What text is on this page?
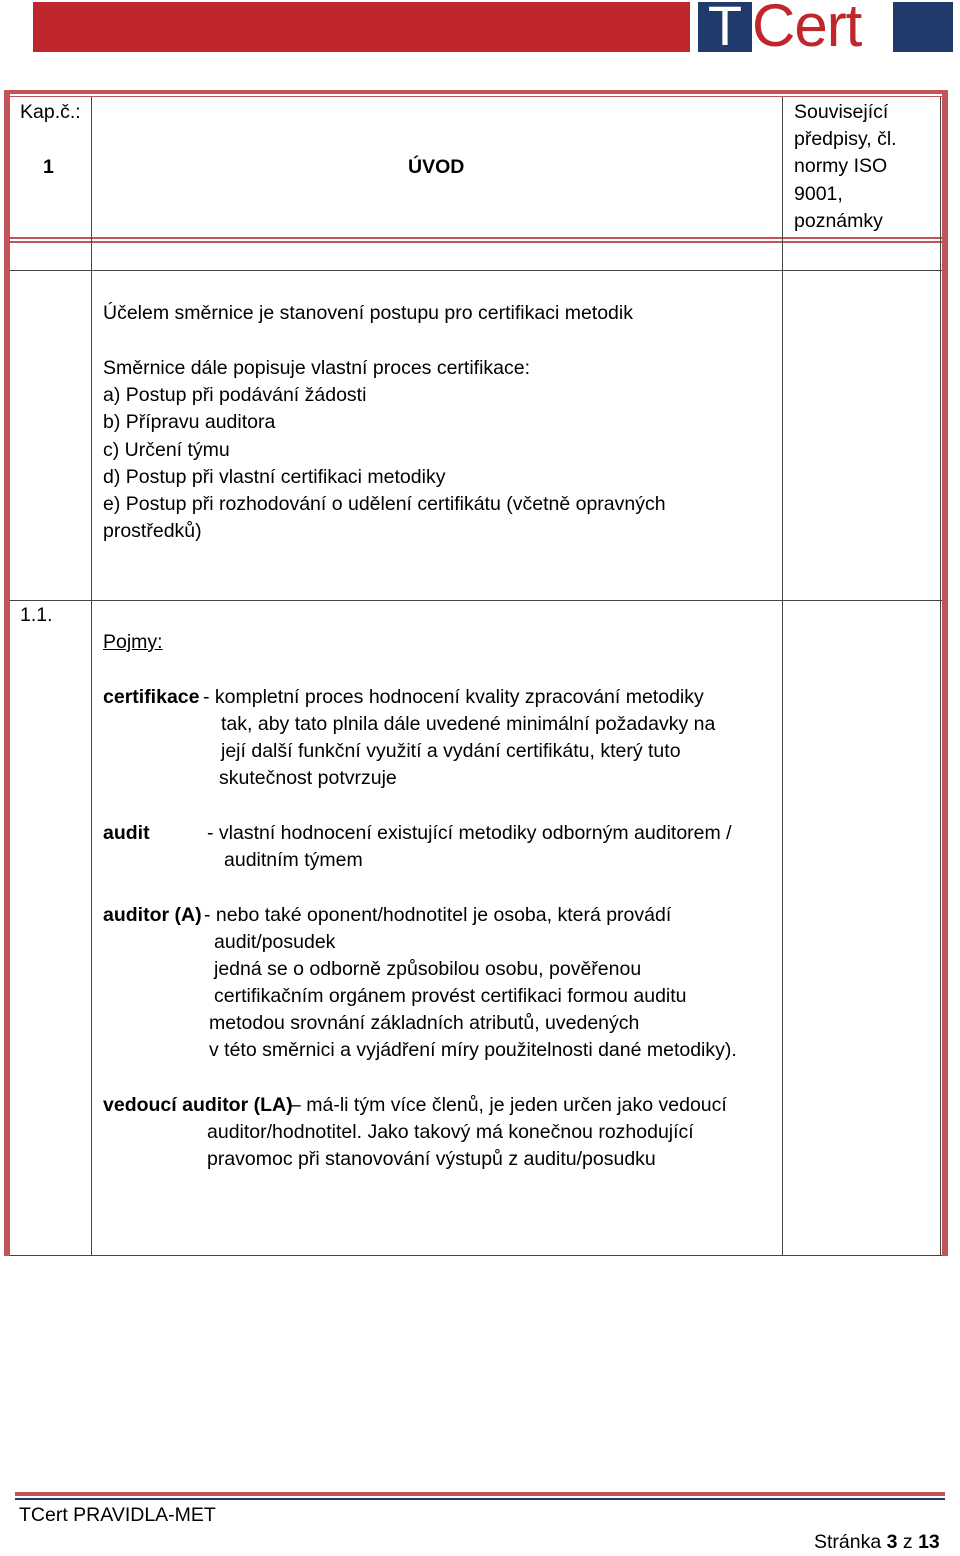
T Cert
Kap.č.:
1	ÚVOD
Související
předpisy, čl.
normy ISO
9001,
poznámky
Účelem směrnice je stanovení postupu pro certifikaci metodik
Směrnice dále popisuje vlastní proces certifikace:
a) Postup při podávání žádosti
b) Přípravu auditora
c) Určení týmu
d) Postup při vlastní certifikaci metodiky
e) Postup při rozhodování o udělení certifikátu (včetně opravných
prostředků)
1.1.
Pojmy:
certifikace - kompletní proces hodnocení kvality zpracování metodiky
tak, aby tato plnila dále uvedené minimální požadavky na
její další funkční využití a vydání certifikátu, který tuto
skutečnost potvrzuje
audit	- vlastní hodnocení existující metodiky odborným auditorem /
auditním týmem
auditor (A) - nebo také oponent/hodnotitel je osoba, která provádí
audit/posudek
jedná se o odborně způsobilou osobu, pověřenou
certifikačním orgánem provést certifikaci formou auditu
metodou srovnání základních atributů, uvedených
v této směrnici a vyjádření míry použitelnosti dané metodiky).
vedoucí auditor (LA)
– má-li tým více členů, je jeden určen jako vedoucí
auditor/hodnotitel. Jako takový má konečnou rozhodující
pravomoc při stanovování výstupů z auditu/posudku
TCert PRAVIDLA-MET
Stránka 3 z 13
